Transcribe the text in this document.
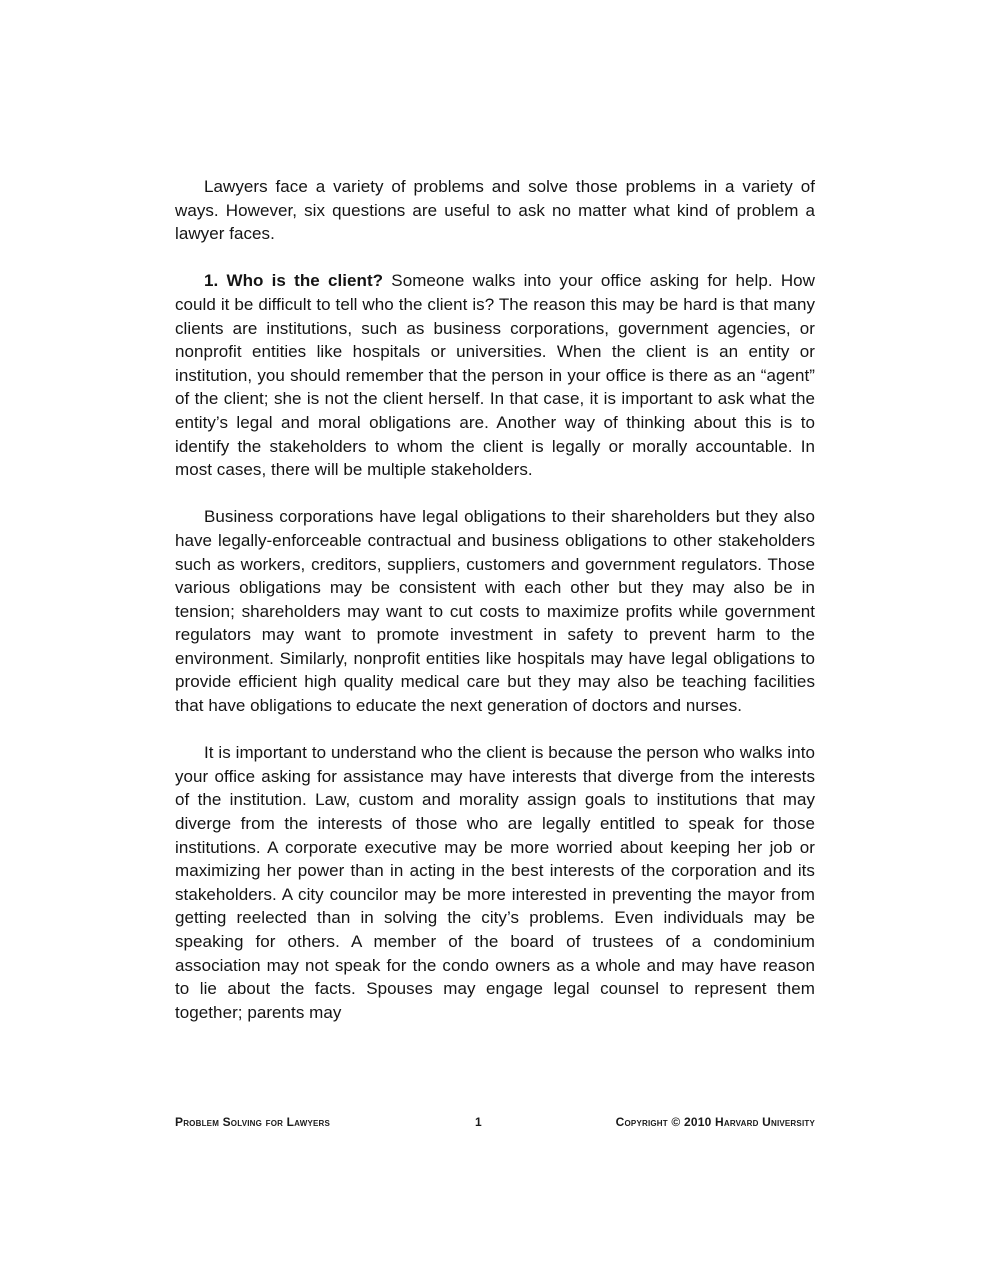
Lawyers face a variety of problems and solve those problems in a variety of ways. However, six questions are useful to ask no matter what kind of problem a lawyer faces.

1. Who is the client? Someone walks into your office asking for help. How could it be difficult to tell who the client is? The reason this may be hard is that many clients are institutions, such as business corporations, government agencies, or nonprofit entities like hospitals or universities. When the client is an entity or institution, you should remember that the person in your office is there as an “agent” of the client; she is not the client herself. In that case, it is important to ask what the entity’s legal and moral obligations are. Another way of thinking about this is to identify the stakeholders to whom the client is legally or morally accountable. In most cases, there will be multiple stakeholders.

Business corporations have legal obligations to their shareholders but they also have legally-enforceable contractual and business obligations to other stakeholders such as workers, creditors, suppliers, customers and government regulators. Those various obligations may be consistent with each other but they may also be in tension; shareholders may want to cut costs to maximize profits while government regulators may want to promote investment in safety to prevent harm to the environment. Similarly, nonprofit entities like hospitals may have legal obligations to provide efficient high quality medical care but they may also be teaching facilities that have obligations to educate the next generation of doctors and nurses.

It is important to understand who the client is because the person who walks into your office asking for assistance may have interests that diverge from the interests of the institution. Law, custom and morality assign goals to institutions that may diverge from the interests of those who are legally entitled to speak for those institutions. A corporate executive may be more worried about keeping her job or maximizing her power than in acting in the best interests of the corporation and its stakeholders. A city councilor may be more interested in preventing the mayor from getting reelected than in solving the city’s problems. Even individuals may be speaking for others. A member of the board of trustees of a condominium association may not speak for the condo owners as a whole and may have reason to lie about the facts. Spouses may engage legal counsel to represent them together; parents may

Problem Solving for Lawyers	1	Copyright © 2010 Harvard University
